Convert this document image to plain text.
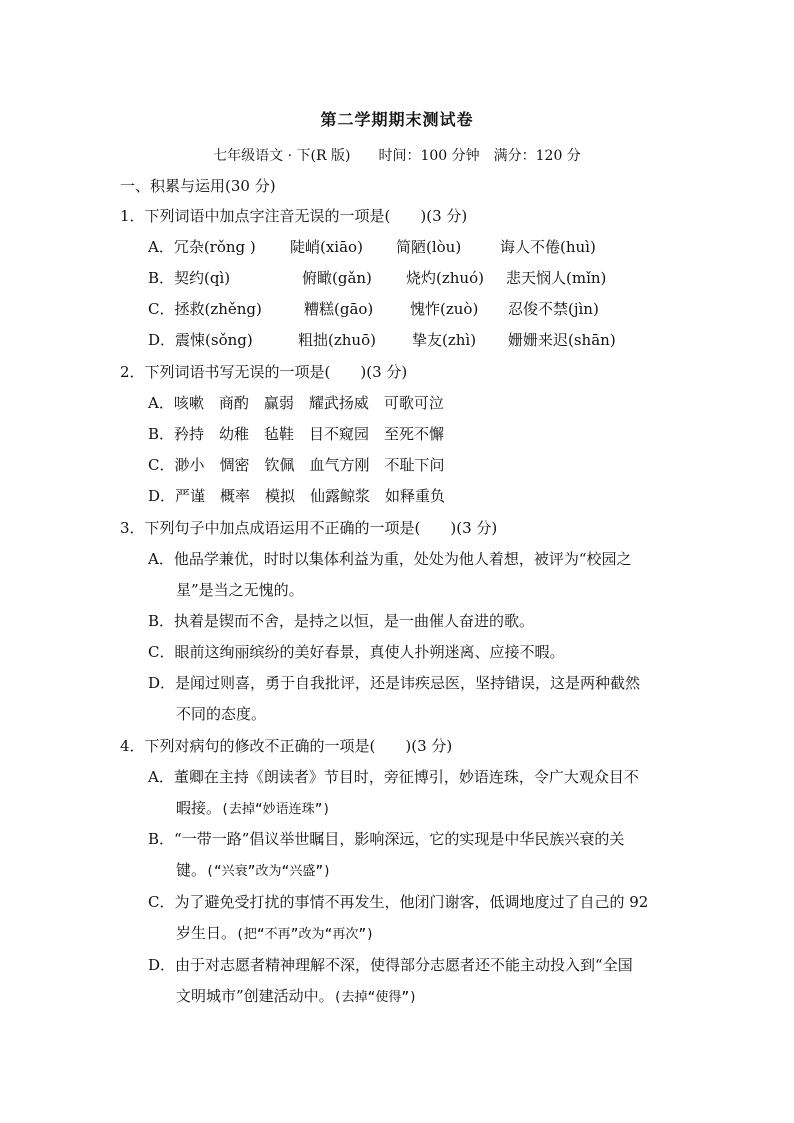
第二学期期末测试卷
七年级语文 · 下(R 版)　　 时间：100 分钟　 满分：120 分
一、积累与运用(30 分)
1．下列词语中加点字注音无误的一项是(　　)(3 分)
A．冗杂(rǒng ) 陡峭(xiāo) 简陋(lòu)	诲人不倦(huì)
B．契约(qì)	俯瞰(gǎn) 烧灼(zhuó) 悲天悯人(mǐn)
C．拯救(zhěng)	糟糕(gāo) 愧怍(zuò) 忍俊不禁(jìn)
D．震悚(sǒng)	粗拙(zhuō) 挚友(zhì) 姗姗来迟(shān)
2．下列词语书写无误的一项是(　　)(3 分)
A．咳嗽　商酌　赢弱　耀武扬威　可歌可泣
B．矜持　幼稚　毡鞋　目不窥园　至死不懈
C．渺小　惆密　钦佩　血气方刚　不耻下问
D．严谨　概率　模拟　仙露鲸浆　如释重负
3．下列句子中加点成语运用不正确的一项是(　　)(3 分)
A．他品学兼优，时时以集体利益为重，处处为他人着想，被评为“校园之
星”是当之无愧的。
B．执着是锲而不舍，是持之以恒，是一曲催人奋进的歌。
C．眼前这绚丽缤纷的美好春景，真使人扑朔迷离、应接不暇。
D．是闻过则喜，勇于自我批评，还是讳疾忌医，坚持错误，这是两种截然
不同的态度。
4．下列对病句的修改不正确的一项是(　　)(3 分)
A．董卿在主持《朗读者》节目时，旁征博引，妙语连珠，令广大观众目不
暇接。(去掉“妙语连珠”)
B．“一带一路”倡议举世瞩目，影响深远，它的实现是中华民族兴衰的关
键。(“兴衰”改为“兴盛”)
C．为了避免受打扰的事情不再发生，他闭门谢客，低调地度过了自己的 92
岁生日。(把“不再”改为“再次”)
D．由于对志愿者精神理解不深，使得部分志愿者还不能主动投入到“全国
文明城市”创建活动中。(去掉“使得”)
